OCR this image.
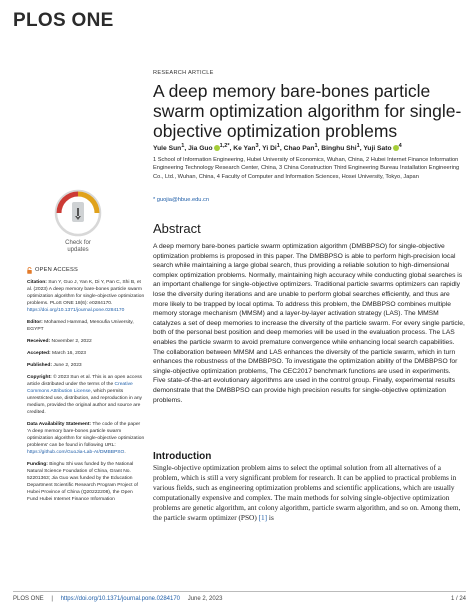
PLOS ONE
RESEARCH ARTICLE
A deep memory bare-bones particle swarm optimization algorithm for single-objective optimization problems
Yule Sun$^1$, Jia Guo $^{1,2*}$, Ke Yan$^3$, Yi Di$^1$, Chao Pan$^1$, Binghu Shi$^1$, Yuji Sato $^4$
1 School of Information Engineering, Hubei University of Economics, Wuhan, China, 2 Hubei Internet Finance Information Engineering Technology Research Center, China, 3 China Construction Third Engineering Bureau Installation Engineering Co., Ltd., Wuhan, China, 4 Faculty of Computer and Information Sciences, Hosei University, Tokyo, Japan
* guojia@hbue.edu.cn
Abstract
A deep memory bare-bones particle swarm optimization algorithm (DMBBPSO) for single-objective optimization problems is proposed in this paper. The DMBBPSO is able to perform high-precision local search while maintaining a large global search, thus providing a reliable solution to high-dimensional complex optimization problems. Normally, maintaining high accuracy while conducting global searches is an important challenge for single-objective optimizers. Traditional particle swarms optimizers can rapidly lose the diversity during iterations and are unable to perform global searches efficiently, and thus are more likely to be trapped by local optima. To address this problem, the DMBBPSO combines multiple memory storage mechanism (MMSM) and a layer-by-layer activation strategy (LAS). The MMSM catalyzes a set of deep memories to increase the diversity of the particle swarm. For every single particle, both of the personal best position and deep memories will be used in the evaluation process. The LAS enables the particle swarm to avoid premature convergence while enhancing local search capabilities. The collaboration between MMSM and LAS enhances the diversity of the particle swarm, which in turn enhances the robustness of the DMBBPSO. To investigate the optimization ability of the DMBBPSO for single-objective optimization problems, The CEC2017 benchmark functions are used in experiments. Five state-of-the-art evolutionary algorithms are used in the control group. Finally, experimental results demonstrate that the DMBBPSO can provide high precision results for single-objective optimization problems.
Introduction
Single-objective optimization problem aims to select the optimal solution from all alternatives of a problem, which is still a very significant problem for research. It can be applied to practical problems in various fields, such as engineering optimization problems and scientific applications, which are usually computationally expensive and complex. The main methods for solving single-objective optimization problems are genetic algorithm, ant colony algorithm, particle swarm algorithm, and so on. Among them, the particle swarm optimizer (PSO) [1] is
Check for
updates
OPEN ACCESS
Citation: Sun Y, Guo J, Yan K, Di Y, Pan C, Shi B, et al. (2023) A deep memory bare-bones particle swarm optimization algorithm for single-objective optimization problems. PLoS ONE 18(6): e0284170. https://doi.org/10.1371/journal.pone.0284170
Editor: Mohamed Hammad, Menoufia University, EGYPT
Received: November 2, 2022
Accepted: March 16, 2023
Published: June 2, 2023
Copyright: © 2023 Sun et al. This is an open access article distributed under the terms of the Creative Commons Attribution License, which permits unrestricted use, distribution, and reproduction in any medium, provided the original author and source are credited.
Data Availability Statement: The code of the paper 'A deep memory bare-bones particle swarm optimization algorithm for single-objective optimization problems' can be found in following URL: https://github.com/GuoJia-Lab-AI/DMBBPSO.
Funding: Binghu Shi was funded by the National Natural Science Foundation of China, Grant No. 52201363; Jia Guo was funded by the Education Department Scientific Research Program Project of Hubei Province of China (Q20222208), the Open Fund Hubei Internet Finance Information
PLOS ONE | https://doi.org/10.1371/journal.pone.0284170 June 2, 2023	1 / 24
